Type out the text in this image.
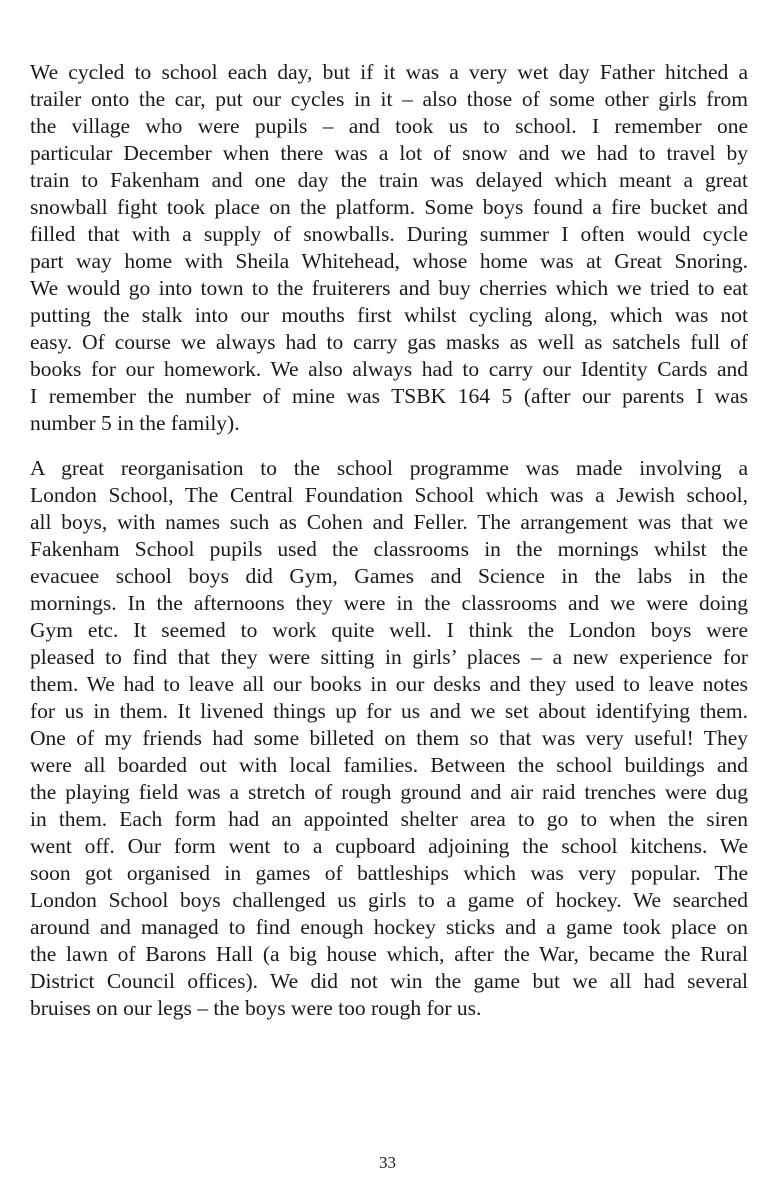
We cycled to school each day, but if it was a very wet day Father hitched a
trailer onto the car, put our cycles in it – also those of some other girls from
the village who were pupils – and took us to school. I remember one
particular December when there was a lot of snow and we had to travel by
train to Fakenham and one day the train was delayed which meant a great
snowball fight took place on the platform. Some boys found a fire bucket and
filled that with a supply of snowballs. During summer I often would cycle
part way home with Sheila Whitehead, whose home was at Great Snoring.
We would go into town to the fruiterers and buy cherries which we tried to eat
putting the stalk into our mouths first whilst cycling along, which was not
easy. Of course we always had to carry gas masks as well as satchels full of
books for our homework. We also always had to carry our Identity Cards and
I remember the number of mine was TSBK 164 5 (after our parents I was
number 5 in the family).
A great reorganisation to the school programme was made involving a
London School, The Central Foundation School which was a Jewish school,
all boys, with names such as Cohen and Feller. The arrangement was that we
Fakenham School pupils used the classrooms in the mornings whilst the
evacuee school boys did Gym, Games and Science in the labs in the
mornings. In the afternoons they were in the classrooms and we were doing
Gym etc. It seemed to work quite well. I think the London boys were
pleased to find that they were sitting in girls’ places – a new experience for
them. We had to leave all our books in our desks and they used to leave notes
for us in them. It livened things up for us and we set about identifying them.
One of my friends had some billeted on them so that was very useful! They
were all boarded out with local families. Between the school buildings and
the playing field was a stretch of rough ground and air raid trenches were dug
in them. Each form had an appointed shelter area to go to when the siren
went off. Our form went to a cupboard adjoining the school kitchens. We
soon got organised in games of battleships which was very popular. The
London School boys challenged us girls to a game of hockey. We searched
around and managed to find enough hockey sticks and a game took place on
the lawn of Barons Hall (a big house which, after the War, became the Rural
District Council offices). We did not win the game but we all had several
bruises on our legs – the boys were too rough for us.
33
